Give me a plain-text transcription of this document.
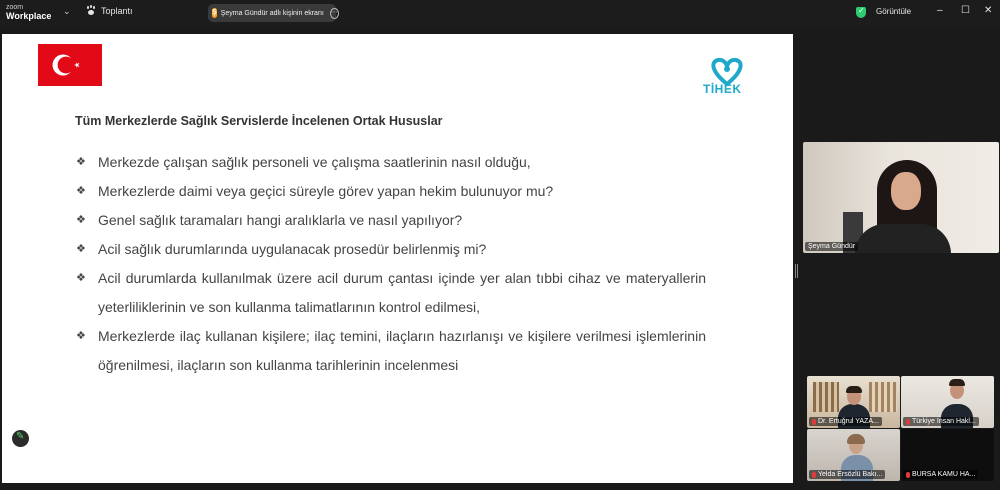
zoom
Workplace ⌄	Toplantı	Ş Şeyma Gündür adlı kişinin ekranı ⋯
✓	Görüntüle	– ☐ ✕
TİHEK
Tüm Merkezlerde Sağlık Servislerde İncelenen Ortak Hususlar
❖ Merkezde çalışan sağlık personeli ve çalışma saatlerinin nasıl olduğu,
❖ Merkezlerde daimi veya geçici süreyle görev yapan hekim bulunuyor mu?
❖ Genel sağlık taramaları hangi aralıklarla ve nasıl yapılıyor?
❖ Acil sağlık durumlarında uygulanacak prosedür belirlenmiş mi?
❖ Acil durumlarda kullanılmak üzere acil durum çantası içinde yer alan tıbbi cihaz ve materyallerin yeterliliklerinin ve son kullanma talimatlarının kontrol edilmesi,
❖ Merkezlerde ilaç kullanan kişilere; ilaç temini, ilaçların hazırlanışı ve kişilere verilmesi işlemlerinin öğrenilmesi, ilaçların son kullanma tarihlerinin incelenmesi
✎
Şeyma Gündür
Dr. Ertuğrul YAZA...	Türkiye İnsan Hakl...
Yelda Ersözlü Bakı...	BURSA KAMU HA...
